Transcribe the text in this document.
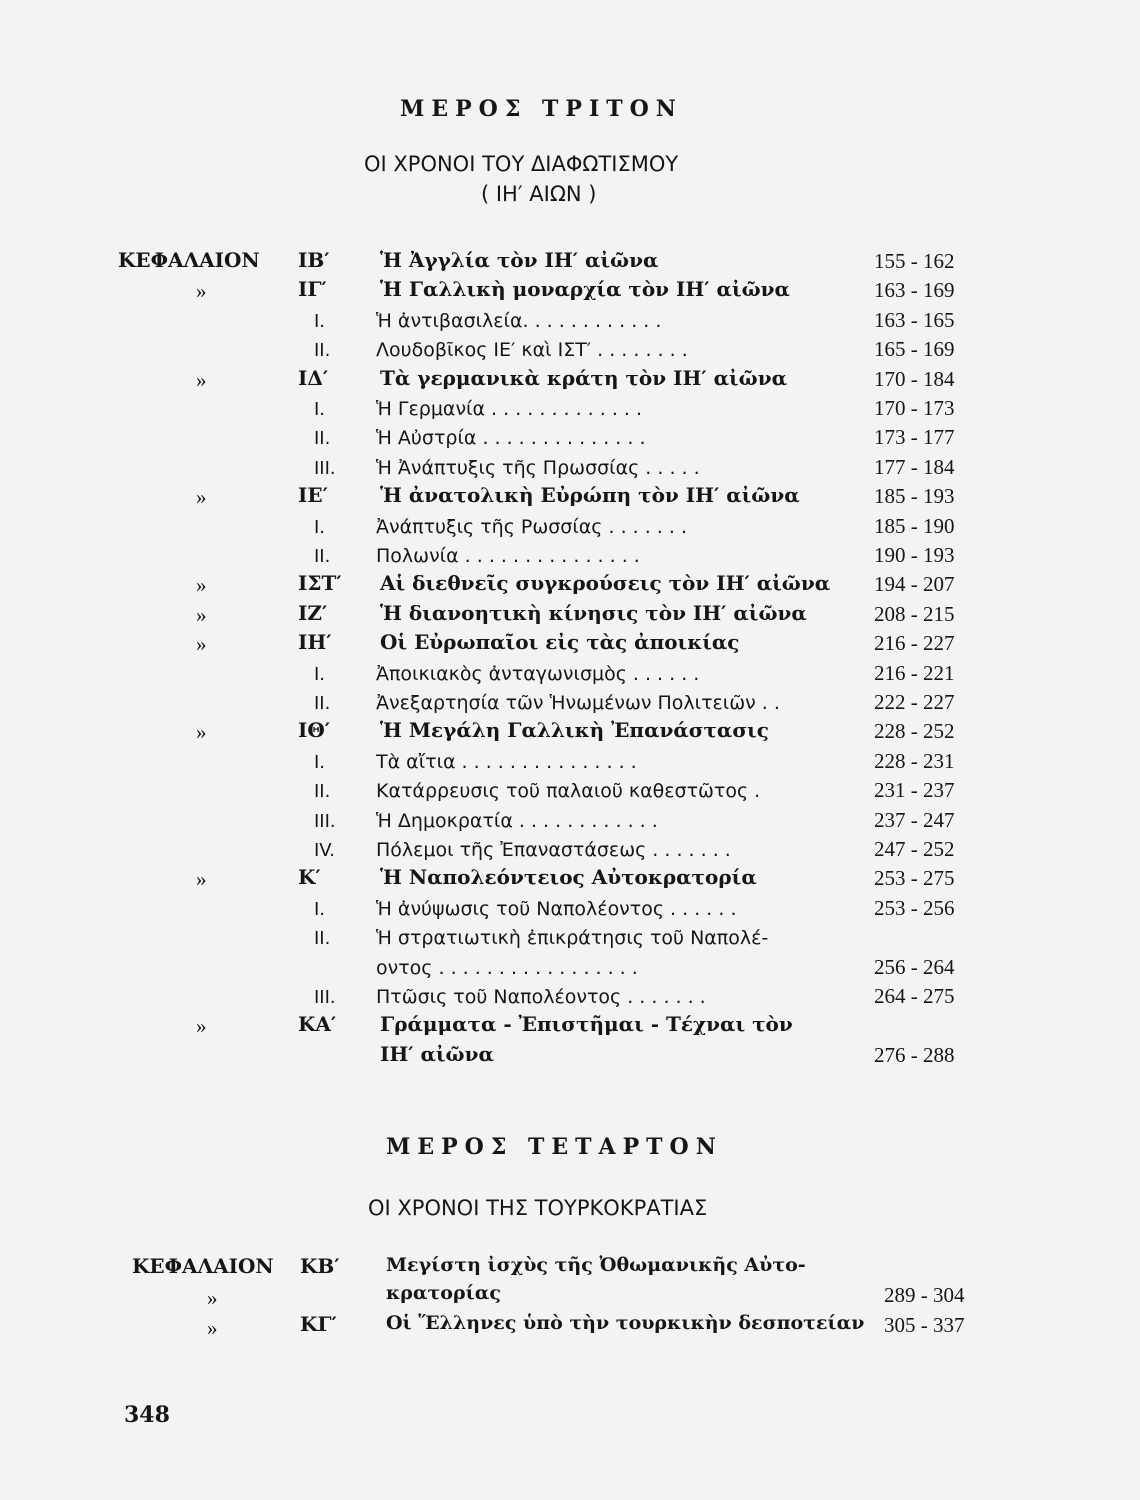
ΜΕΡΟΣ ΤΡΙΤΟΝ
ΟΙ ΧΡΟΝΟΙ ΤΟΥ ΔΙΑΦΩΤΙΣΜΟΥ
( ΙΗ′ ΑΙΩΝ )
ΚΕΦΑΛΑΙΟΝ ΙΒ′	Ἡ Ἀγγλία τὸν ΙΗ′ αἰῶνα	155 - 162
»	ΙΓ′	Ἡ Γαλλικὴ μοναρχία τὸν ΙΗ′ αἰῶνα	163 - 169
Ι.	Ἡ ἀντιβασιλεία. . . . . . . . . . . .	163 - 165
ΙΙ. Λουδοβῖκος ΙΕ′ καὶ ΙΣΤ′ . . . . . . . .	165 - 169
»	ΙΔ′	Τὰ γερμανικὰ κράτη τὸν ΙΗ′ αἰῶνα	170 - 184
Ι.	Ἡ Γερμανία . . . . . . . . . . . . .	170 - 173
ΙΙ. Ἡ Αὐστρία . . . . . . . . . . . . . .	173 - 177
ΙΙΙ. Ἡ Ἀνάπτυξις τῆς Πρωσσίας . . . . .	177 - 184
»	ΙΕ′	Ἡ ἀνατολικὴ Εὐρώπη τὸν ΙΗ′ αἰῶνα	185 - 193
Ι.	Ἀνάπτυξις τῆς Ρωσσίας . . . . . . .	185 - 190
ΙΙ. Πολωνία . . . . . . . . . . . . . . .	190 - 193
»	ΙΣΤ′ Αἱ διεθνεῖς συγκρούσεις τὸν ΙΗ′ αἰῶνα 194 - 207
»	ΙΖ′	Ἡ διανοητικὴ κίνησις τὸν ΙΗ′ αἰῶνα	208 - 215
»	ΙΗ′ Οἱ Εὐρωπαῖοι εἰς τὰς ἀποικίας	216 - 227
Ι.	Ἀποικιακὸς ἀνταγωνισμὸς . . . . . .	216 - 221
ΙΙ. Ἀνεξαρτησία τῶν Ἡνωμένων Πολιτειῶν . .	222 - 227
»	ΙΘ′ Ἡ Μεγάλη Γαλλικὴ Ἐπανάστασις	228 - 252
Ι.	Τὰ αἴτια . . . . . . . . . . . . . . .	228 - 231
ΙΙ. Κατάρρευσις τοῦ παλαιοῦ καθεστῶτος .	231 - 237
ΙΙΙ. Ἡ Δημοκρατία . . . . . . . . . . . .	237 - 247
ΙV. Πόλεμοι τῆς Ἐπαναστάσεως . . . . . . .	247 - 252
»	Κ′	Ἡ Ναπολεόντειος Αὐτοκρατορία	253 - 275
Ι.	Ἡ ἀνύψωσις τοῦ Ναπολέοντος . . . . . .	253 - 256
ΙΙ. Ἡ στρατιωτικὴ ἐπικράτησις τοῦ Ναπολέ-
οντος . . . . . . . . . . . . . . . . .	256 - 264
ΙΙΙ. Πτῶσις τοῦ Ναπολέοντος . . . . . . .	264 - 275
»	ΚΑ′ Γράμματα - Ἐπιστῆμαι - Τέχναι τὸν
ΙΗ′ αἰῶνα	276 - 288
ΜΕΡΟΣ ΤΕΤΑΡΤΟΝ
ΟΙ ΧΡΟΝΟΙ ΤΗΣ ΤΟΥΡΚΟΚΡΑΤΙΑΣ
ΚΕΦΑΛΑΙΟΝ ΚΒ′ Μεγίστη ἰσχὺς τῆς Ὀθωμανικῆς Αὐτο-
»	κρατορίας	289 - 304
»	ΚΓ′	Οἱ Ἕλληνες ὑπὸ τὴν τουρκικὴν δεσποτείαν 305 - 337
348
